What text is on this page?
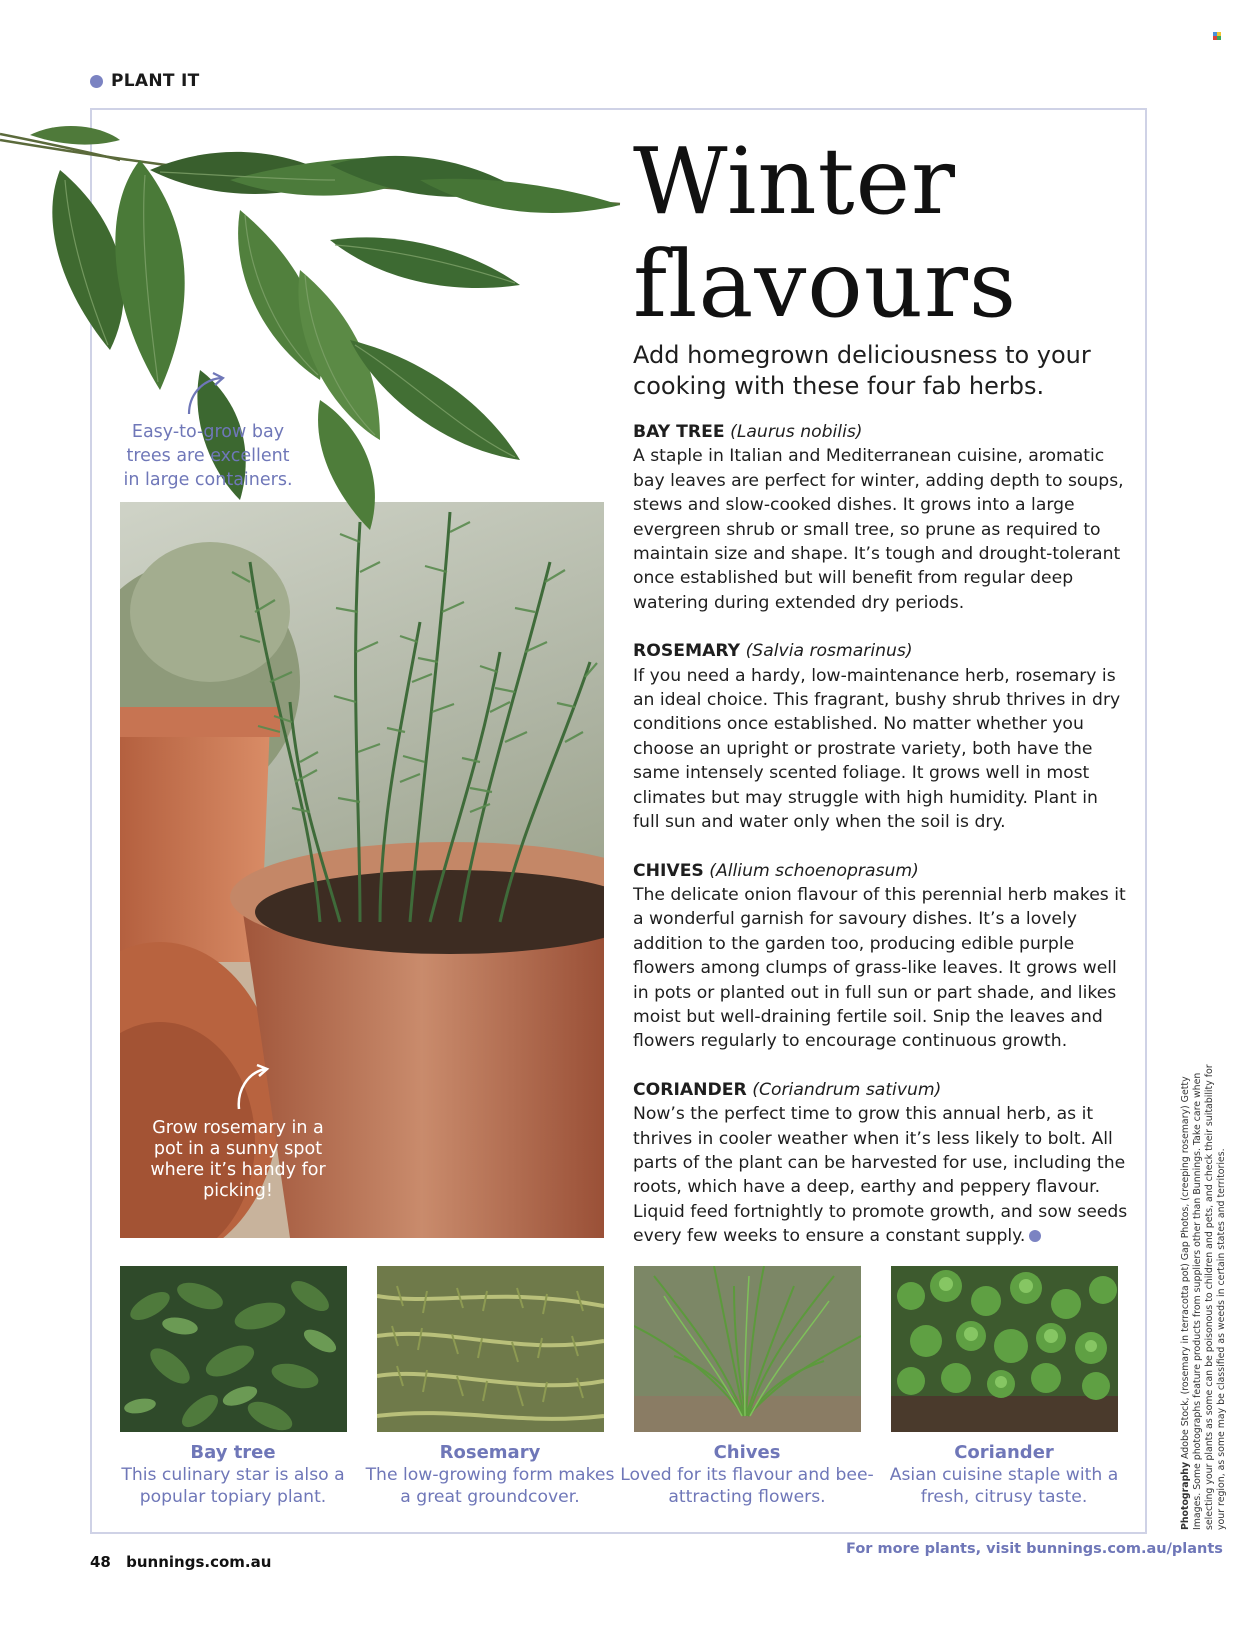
PLANT IT
Grow rosemary in a pot in a sunny spot where it’s handy for picking!
Easy-to-grow bay trees are excellent in large containers.
Winter
flavours
Add homegrown deliciousness to your cooking with these four fab herbs.
BAY TREE (Laurus nobilis)
A staple in Italian and Mediterranean cuisine, aromatic bay leaves are perfect for winter, adding depth to soups, stews and slow-cooked dishes. It grows into a large evergreen shrub or small tree, so prune as required to maintain size and shape. It’s tough and drought-tolerant once established but will benefit from regular deep watering during extended dry periods.
ROSEMARY (Salvia rosmarinus)
If you need a hardy, low-maintenance herb, rosemary is an ideal choice. This fragrant, bushy shrub thrives in dry conditions once established. No matter whether you choose an upright or prostrate variety, both have the same intensely scented foliage. It grows well in most climates but may struggle with high humidity. Plant in full sun and water only when the soil is dry.
CHIVES (Allium schoenoprasum)
The delicate onion flavour of this perennial herb makes it a wonderful garnish for savoury dishes. It’s a lovely addition to the garden too, producing edible purple flowers among clumps of grass-like leaves. It grows well in pots or planted out in full sun or part shade, and likes moist but well-draining fertile soil. Snip the leaves and flowers regularly to encourage continuous growth.
CORIANDER (Coriandrum sativum)
Now’s the perfect time to grow this annual herb, as it thrives in cooler weather when it’s less likely to bolt. All parts of the plant can be harvested for use, including the roots, which have a deep, earthy and peppery flavour. Liquid feed fortnightly to promote growth, and sow seeds every few weeks to ensure a constant supply.
Bay tree
This culinary star is also a popular topiary plant.
Rosemary
The low-growing form makes a great groundcover.
Chives
Loved for its flavour and bee-attracting flowers.
Coriander
Asian cuisine staple with a fresh, citrusy taste.
48 bunnings.com.au
For more plants, visit bunnings.com.au/plants
Photography Adobe Stock, (rosemary in terracotta pot) Gap Photos, (creeping rosemary) Getty Images. Some photographs feature products from suppliers other than Bunnings. Take care when selecting your plants as some can be poisonous to children and pets, and check their suitability for your region, as some may be classified as weeds in certain states and territories.
